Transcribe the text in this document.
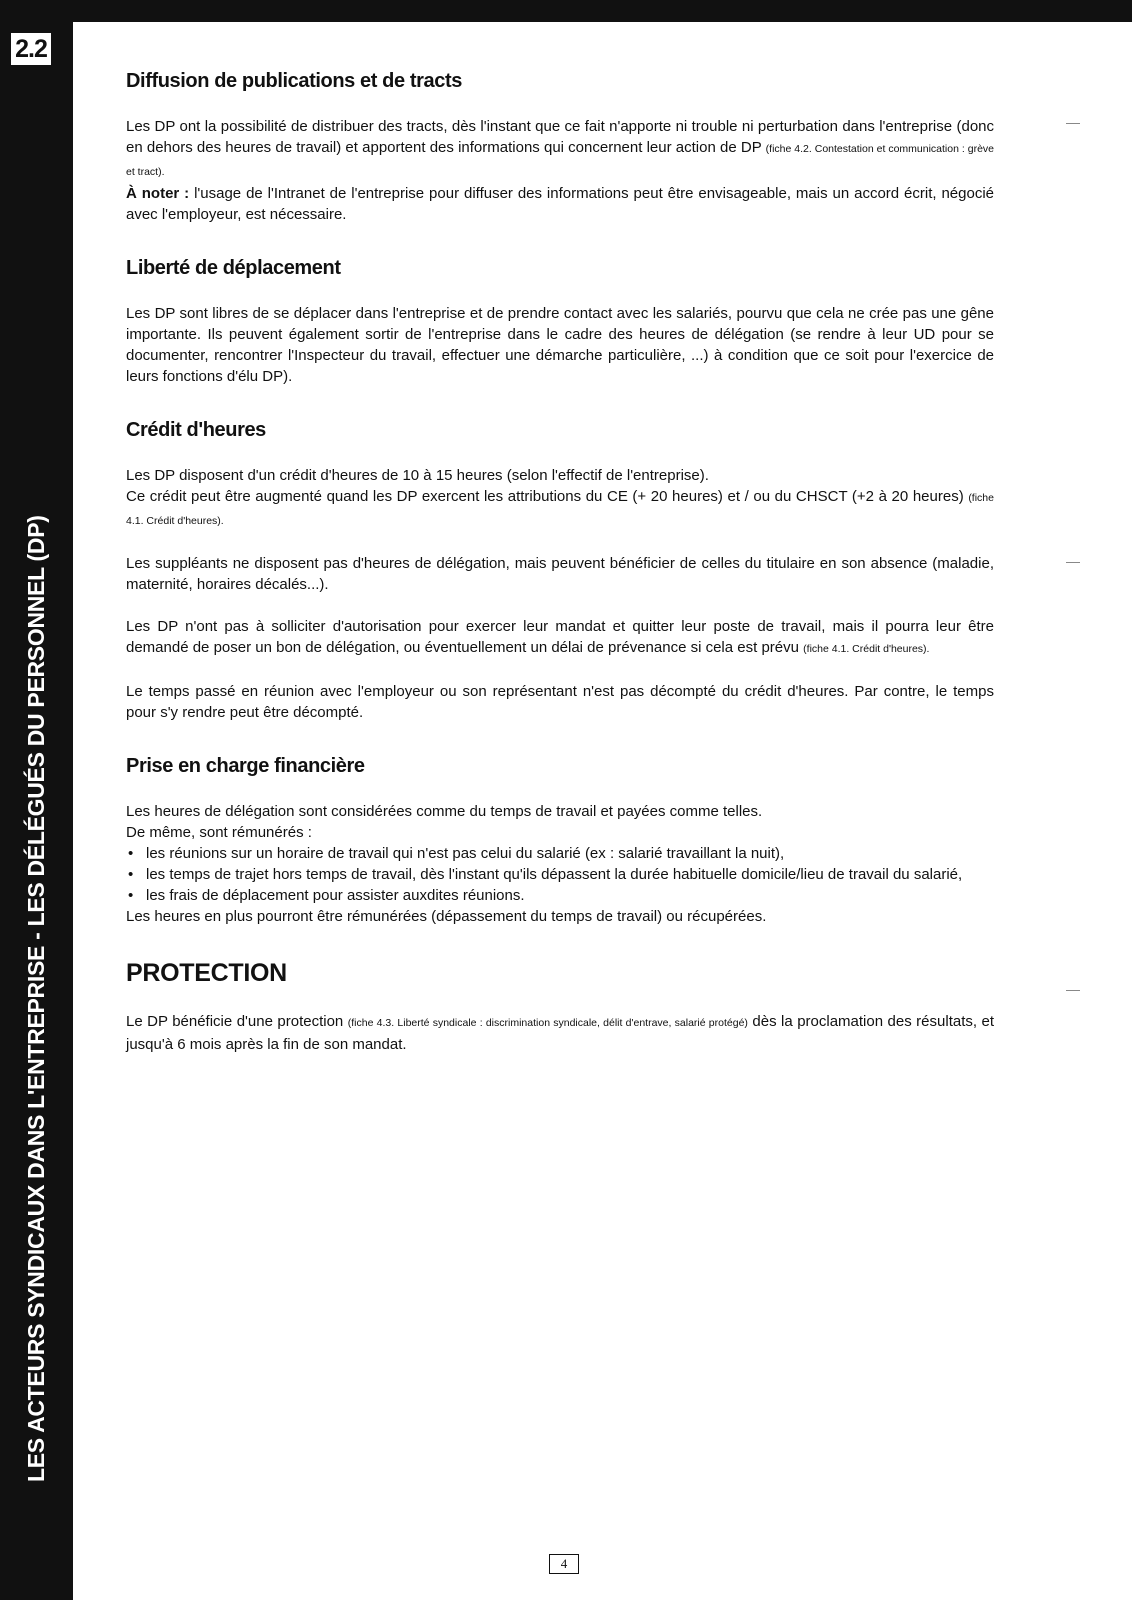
2.2
LES ACTEURS SYNDICAUX DANS L'ENTREPRISE - LES DÉLÉGUÉS DU PERSONNEL (DP)
Diffusion de publications et de tracts

Les DP ont la possibilité de distribuer des tracts, dès l'instant que ce fait n'apporte ni trouble ni perturbation dans l'entreprise (donc en dehors des heures de travail) et apportent des informations qui concernent leur action de DP (fiche 4.2. Contestation et communication : grève et tract).

À noter : l'usage de l'Intranet de l'entreprise pour diffuser des informations peut être envisageable, mais un accord écrit, négocié avec l'employeur, est nécessaire.

Liberté de déplacement

Les DP sont libres de se déplacer dans l'entreprise et de prendre contact avec les salariés, pourvu que cela ne crée pas une gêne importante. Ils peuvent également sortir de l'entreprise dans le cadre des heures de délégation (se rendre à leur UD pour se documenter, rencontrer l'Inspecteur du travail, effectuer une démarche particulière, ...) à condition que ce soit pour l'exercice de leurs fonctions d'élu DP).

Crédit d'heures

Les DP disposent d'un crédit d'heures de 10 à 15 heures (selon l'effectif de l'entreprise).

Ce crédit peut être augmenté quand les DP exercent les attributions du CE (+ 20 heures) et / ou du CHSCT (+2 à 20 heures) (fiche 4.1. Crédit d'heures).

Les suppléants ne disposent pas d'heures de délégation, mais peuvent bénéficier de celles du titulaire en son absence (maladie, maternité, horaires décalés...).

Les DP n'ont pas à solliciter d'autorisation pour exercer leur mandat et quitter leur poste de travail, mais il pourra leur être demandé de poser un bon de délégation, ou éventuellement un délai de prévenance si cela est prévu (fiche 4.1. Crédit d'heures).

Le temps passé en réunion avec l'employeur ou son représentant n'est pas décompté du crédit d'heures. Par contre, le temps pour s'y rendre peut être décompté.

Prise en charge financière

Les heures de délégation sont considérées comme du temps de travail et payées comme telles.

De même, sont rémunérés :

• les réunions sur un horaire de travail qui n'est pas celui du salarié (ex : salarié travaillant la nuit),
• les temps de trajet hors temps de travail, dès l'instant qu'ils dépassent la durée habituelle domicile/lieu de travail du salarié,
• les frais de déplacement pour assister auxdites réunions.

Les heures en plus pourront être rémunérées (dépassement du temps de travail) ou récupérées.

PROTECTION

Le DP bénéficie d'une protection (fiche 4.3. Liberté syndicale : discrimination syndicale, délit d'entrave, salarié protégé) dès la proclamation des résultats, et jusqu'à 6 mois après la fin de son mandat.

4
